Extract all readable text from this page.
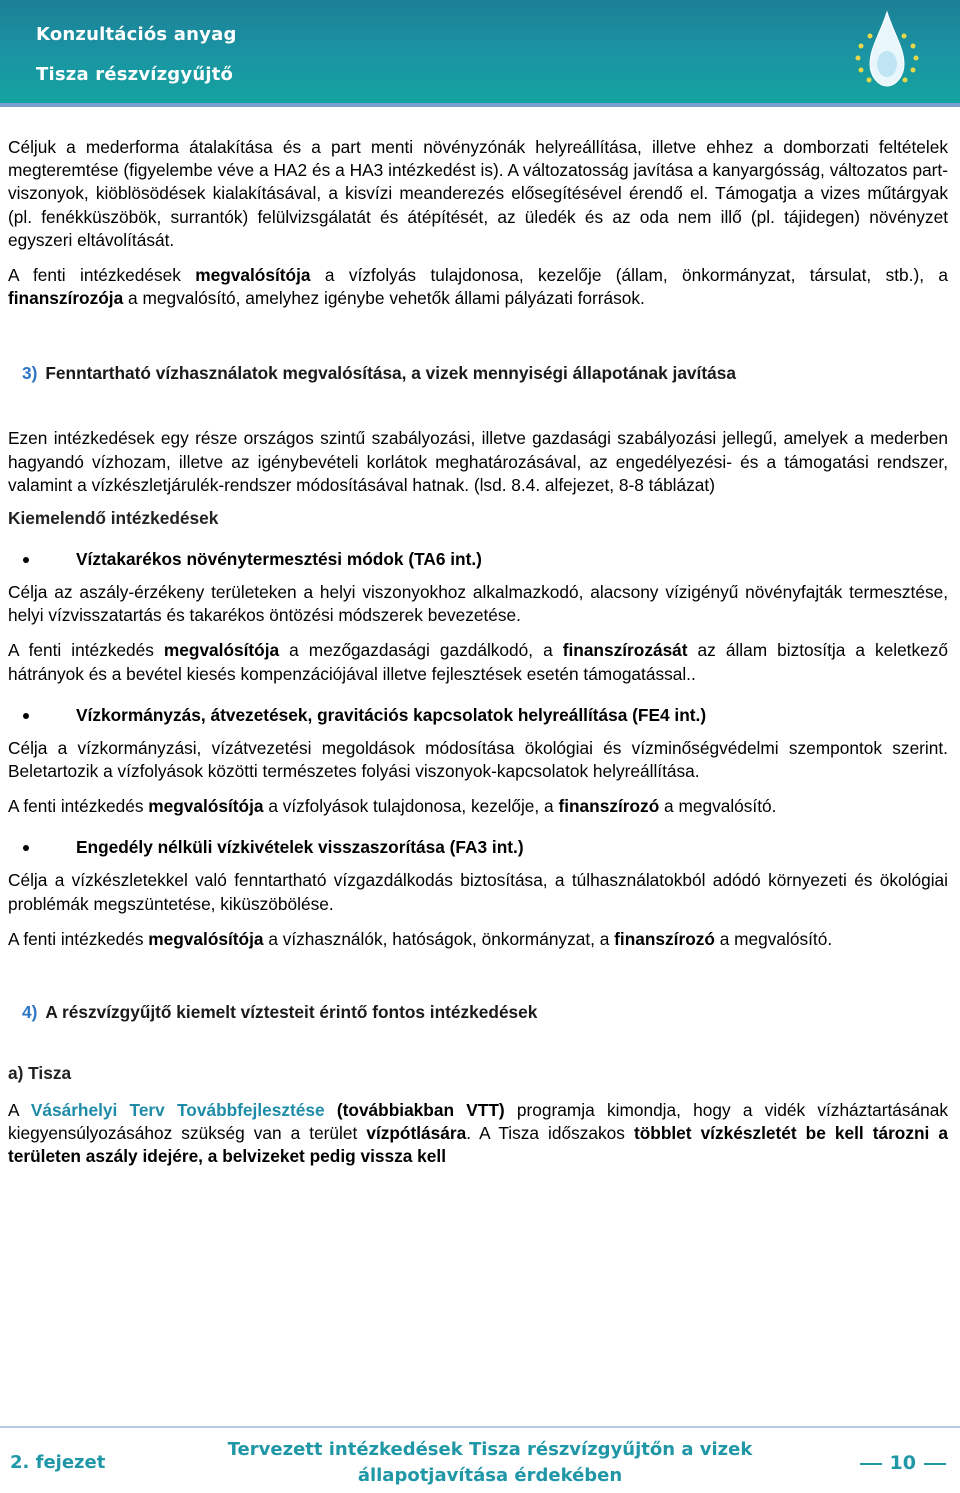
Konzultációs anyag
Tisza részvízgyűjtő

Céljuk a mederforma átalakítása és a part menti növényzónák helyreállítása, illetve ehhez a domborzati feltételek megteremtése (figyelembe véve a HA2 és a HA3 intézkedést is). A változatosság javítása a kanyargósság, változatos part-viszonyok, kiöblösödések kialakításával, a kisvízi meanderezés elősegítésével érendő el. Támogatja a vizes műtárgyak (pl. fenékküszöbök, surrantók) felülvizsgálatát és átépítését, az üledék és az oda nem illő (pl. tájidegen) növényzet egyszeri eltávolítását.

A fenti intézkedések megvalósítója a vízfolyás tulajdonosa, kezelője (állam, önkormányzat, társulat, stb.), a finanszírozója a megvalósító, amelyhez igénybe vehetők állami pályázati források.

3) Fenntartható vízhasználatok megvalósítása, a vizek mennyiségi állapotának javítása

Ezen intézkedések egy része országos szintű szabályozási, illetve gazdasági szabályozási jellegű, amelyek a mederben hagyandó vízhozam, illetve az igénybevételi korlátok meghatározásával, az engedélyezési- és a támogatási rendszer, valamint a vízkészletjárulék-rendszer módosításával hatnak. (lsd. 8.4. alfejezet, 8-8 táblázat)

Kiemelendő intézkedések
Víztakarékos növénytermesztési módok (TA6 int.)

Célja az aszály-érzékeny területeken a helyi viszonyokhoz alkalmazkodó, alacsony vízigényű növényfajták termesztése, helyi vízvisszatartás és takarékos öntözési módszerek bevezetése.

A fenti intézkedés megvalósítója a mezőgazdasági gazdálkodó, a finanszírozását az állam biztosítja a keletkező hátrányok és a bevétel kiesés kompenzációjával illetve fejlesztések esetén támogatással..

Vízkormányzás, átvezetések, gravitációs kapcsolatok helyreállítása (FE4 int.)

Célja a vízkormányzási, vízátvezetési megoldások módosítása ökológiai és vízminőségvédelmi szempontok szerint. Beletartozik a vízfolyások közötti természetes folyási viszonyok-kapcsolatok helyreállítása.

A fenti intézkedés megvalósítója a vízfolyások tulajdonosa, kezelője, a finanszírozó a megvalósító.

Engedély nélküli vízkivételek visszaszorítása (FA3 int.)

Célja a vízkészletekkel való fenntartható vízgazdálkodás biztosítása, a túlhasználatokból adódó környezeti és ökológiai problémák megszüntetése, kiküszöbölése.

A fenti intézkedés megvalósítója a vízhasználók, hatóságok, önkormányzat, a finanszírozó a megvalósító.

4) A részvízgyűjtő kiemelt víztesteit érintő fontos intézkedések
a) Tisza

A Vásárhelyi Terv Továbbfejlesztése (továbbiakban VTT) programja kimondja, hogy a vidék vízháztartásának kiegyensúlyozásához szükség van a terület vízpótlására. A Tisza időszakos többlet vízkészletét be kell tározni a területen aszály idejére, a belvizeket pedig vissza kell

2. fejezet
Tervezett intézkedések Tisza részvízgyűjtőn a vizek
állapotjavítása érdekében
10
